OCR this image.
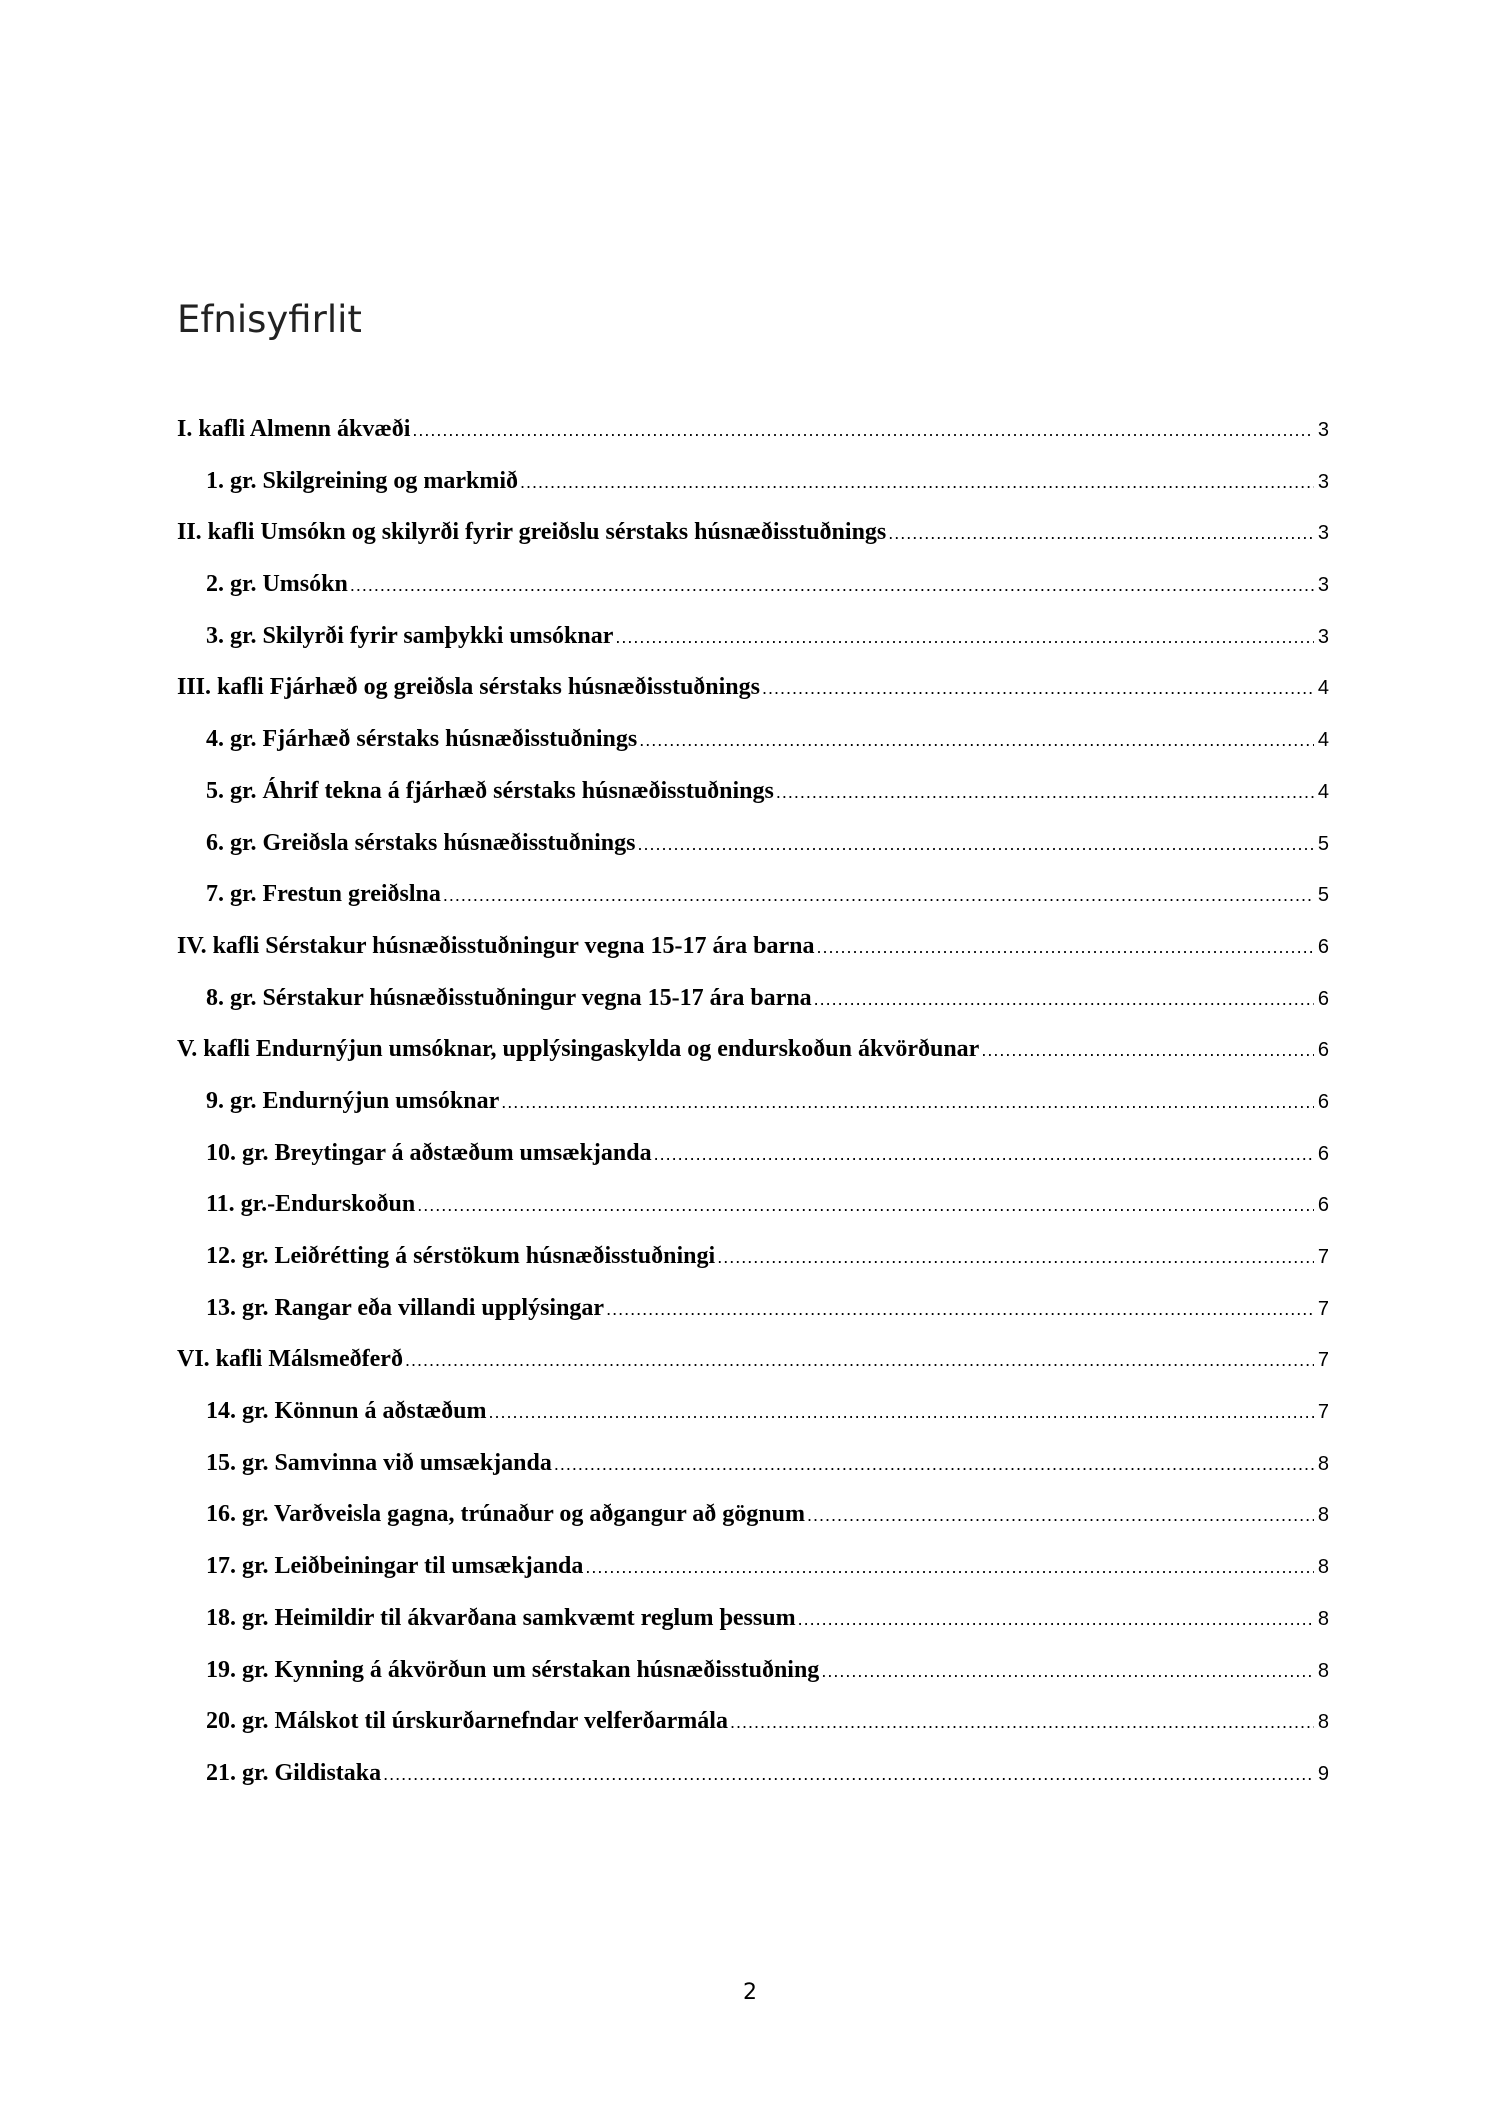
Efnisyfirlit
I. kafli Almenn ákvæði .....	3
1. gr. Skilgreining og markmið .....	3
II. kafli Umsókn og skilyrði fyrir greiðslu sérstaks húsnæðisstuðnings .....	3
2. gr. Umsókn .....	3
3. gr. Skilyrði fyrir samþykki umsóknar .....	3
III. kafli Fjárhæð og greiðsla sérstaks húsnæðisstuðnings .....	4
4. gr. Fjárhæð sérstaks húsnæðisstuðnings .....	4
5. gr. Áhrif tekna á fjárhæð sérstaks húsnæðisstuðnings .....	4
6. gr. Greiðsla sérstaks húsnæðisstuðnings .....	5
7. gr. Frestun greiðslna .....	5
IV. kafli Sérstakur húsnæðisstuðningur vegna 15-17 ára barna .....	6
8. gr. Sérstakur húsnæðisstuðningur vegna 15-17 ára barna .....	6
V. kafli Endurnýjun umsóknar, upplýsingaskylda og endurskoðun ákvörðunar .....	6
9. gr. Endurnýjun umsóknar .....	6
10. gr. Breytingar á aðstæðum umsækjanda .....	6
11. gr.-Endurskoðun .....	6
12. gr. Leiðrétting á sérstökum húsnæðisstuðningi .....	7
13. gr. Rangar eða villandi upplýsingar .....	7
VI. kafli Málsmeðferð .....	7
14. gr. Könnun á aðstæðum .....	7
15. gr. Samvinna við umsækjanda .....	8
16. gr. Varðveisla gagna, trúnaður og aðgangur að gögnum .....	8
17. gr. Leiðbeiningar til umsækjanda .....	8
18. gr. Heimildir til ákvarðana samkvæmt reglum þessum .....	8
19. gr. Kynning á ákvörðun um sérstakan húsnæðisstuðning .....	8
20. gr. Málskot til úrskurðarnefndar velferðarmála .....	8
21. gr. Gildistaka .....	9
2
